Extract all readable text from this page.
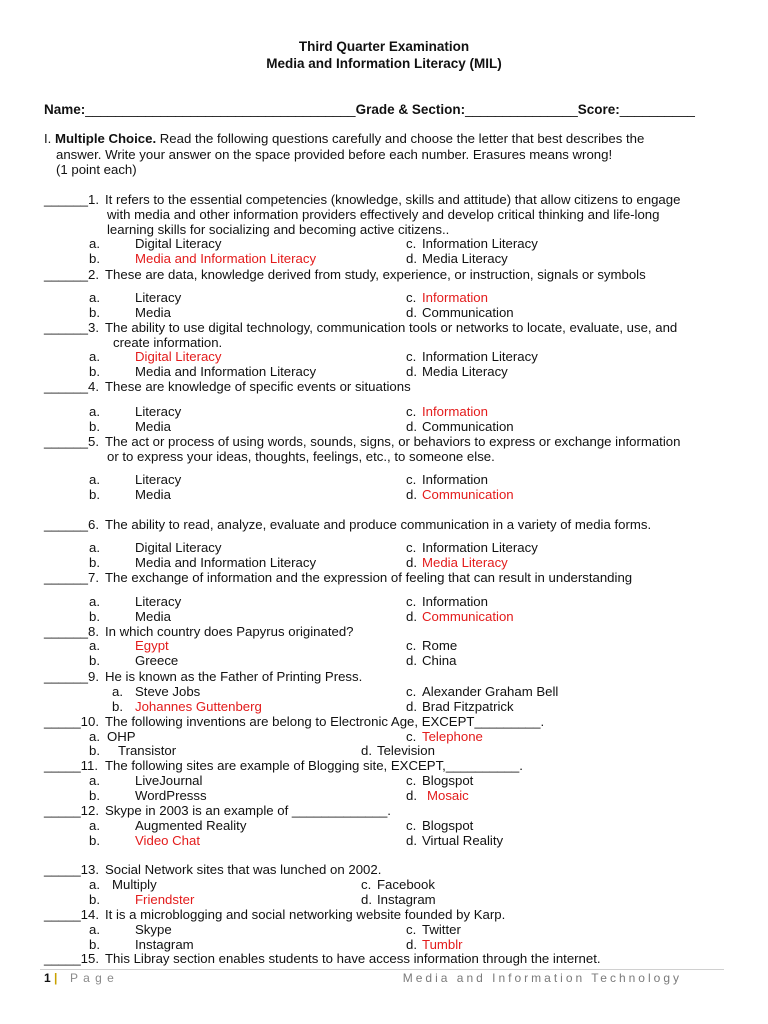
Third Quarter Examination
Media and Information Literacy (MIL)
Name:____________________________________Grade & Section:_______________Score:__________
I. Multiple Choice. Read the following questions carefully and choose the letter that best describes the
answer. Write your answer on the space provided before each number. Erasures means wrong!
(1 point each)
______1. It refers to the essential competencies (knowledge, skills and attitude) that allow citizens to engage
with media and other information providers effectively and develop critical thinking and life-long
learning skills for socializing and becoming active citizens..
a.	Digital Literacy
b.	Media and Information Literacy
c. Information Literacy
d. Media Literacy
______2. These are data, knowledge derived from study, experience, or instruction, signals or symbols
a.	Literacy
b.	Media
c. Information
d. Communication
______3. The ability to use digital technology, communication tools or networks to locate, evaluate, use, and
create information.
a.	Digital Literacy
b.	Media and Information Literacy
c. Information Literacy
d. Media Literacy
______4. These are knowledge of specific events or situations
a.	Literacy
b.	Media
c. Information
d. Communication
______5. The act or process of using words, sounds, signs, or behaviors to express or exchange information
or to express your ideas, thoughts, feelings, etc., to someone else.
a.	Literacy
b.	Media
c. Information
d. Communication
______6. The ability to read, analyze, evaluate and produce communication in a variety of media forms.
a.	Digital Literacy
b.	Media and Information Literacy
c. Information Literacy
d. Media Literacy
______7. The exchange of information and the expression of feeling that can result in understanding
a.	Literacy
b.	Media
c. Information
d. Communication
______8. In which country does Papyrus originated?
a.	Egypt
b.	Greece
c. Rome
d. China
______9. He is known as the Father of Printing Press.
a. Steve Jobs
b. Johannes Guttenberg
c. Alexander Graham Bell
d. Brad Fitzpatrick
_____10. The following inventions are belong to Electronic Age, EXCEPT_________.
a. OHP
b. Transistor
c. Telephone
d. Television
_____11. The following sites are example of Blogging site, EXCEPT,__________.
a.	LiveJournal
b.	WordPresss
c. Blogspot
d. Mosaic
_____12. Skype in 2003 is an example of _____________.
a.	Augmented Reality
b.	Video Chat
c. Blogspot
d. Virtual Reality
_____13. Social Network sites that was lunched on 2002.
a. Multiply
b.	Friendster
c. Facebook
d. Instagram
_____14. It is a microblogging and social networking website founded by Karp.
a.	Skype
b.	Instagram
c. Twitter
d. Tumblr
_____15. This Libray section enables students to have access information through the internet.
1 | P a g e	Media and Information Technology
